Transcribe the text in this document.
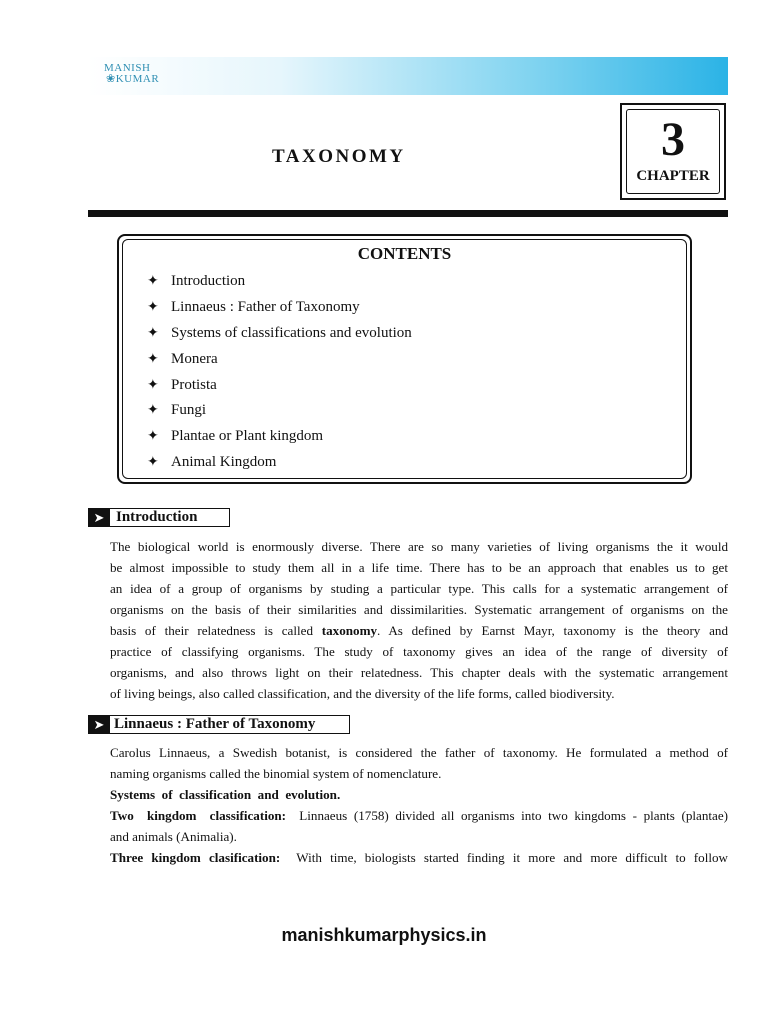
MANISH
❀KUMAR
TAXONOMY	3
CHAPTER
CONTENTS
✦ Introduction
✦ Linnaeus : Father of Taxonomy
✦ Systems of classifications and evolution
✦ Monera
✦ Protista
✦ Fungi
✦ Plantae or Plant kingdom
✦ Animal Kingdom
➤ Introduction
The biological world is enormously diverse. There are so many varieties of living organisms the it would
be almost impossible to study them all in a life time. There has to be an approach that enables us to get
an idea of a group of organisms by studing a particular type. This calls for a systematic arrangement of
organisms on the basis of their similarities and dissimilarities. Systematic arrangement of organisms on the
basis of their relatedness is called taxonomy. As defined by Earnst Mayr, taxonomy is the theory and
practice of classifying organisms. The study of taxonomy gives an idea of the range of diversity of
organisms, and also throws light on their relatedness. This chapter deals with the systematic arrangement
of living beings, also called classification, and the diversity of the life forms, called biodiversity.
➤ Linnaeus : Father of Taxonomy
Carolus Linnaeus, a Swedish botanist, is considered the father of taxonomy. He formulated a method of
naming organisms called the binomial system of nomenclature.
Systems  of  classification  and  evolution.
Two  kingdom  classification:  Linnaeus (1758) divided all organisms into two kingdoms - plants (plantae)
and animals (Animalia).
Three kingdom clasification:  With time, biologists started finding it more and more difficult to follow
manishkumarphysics.in
